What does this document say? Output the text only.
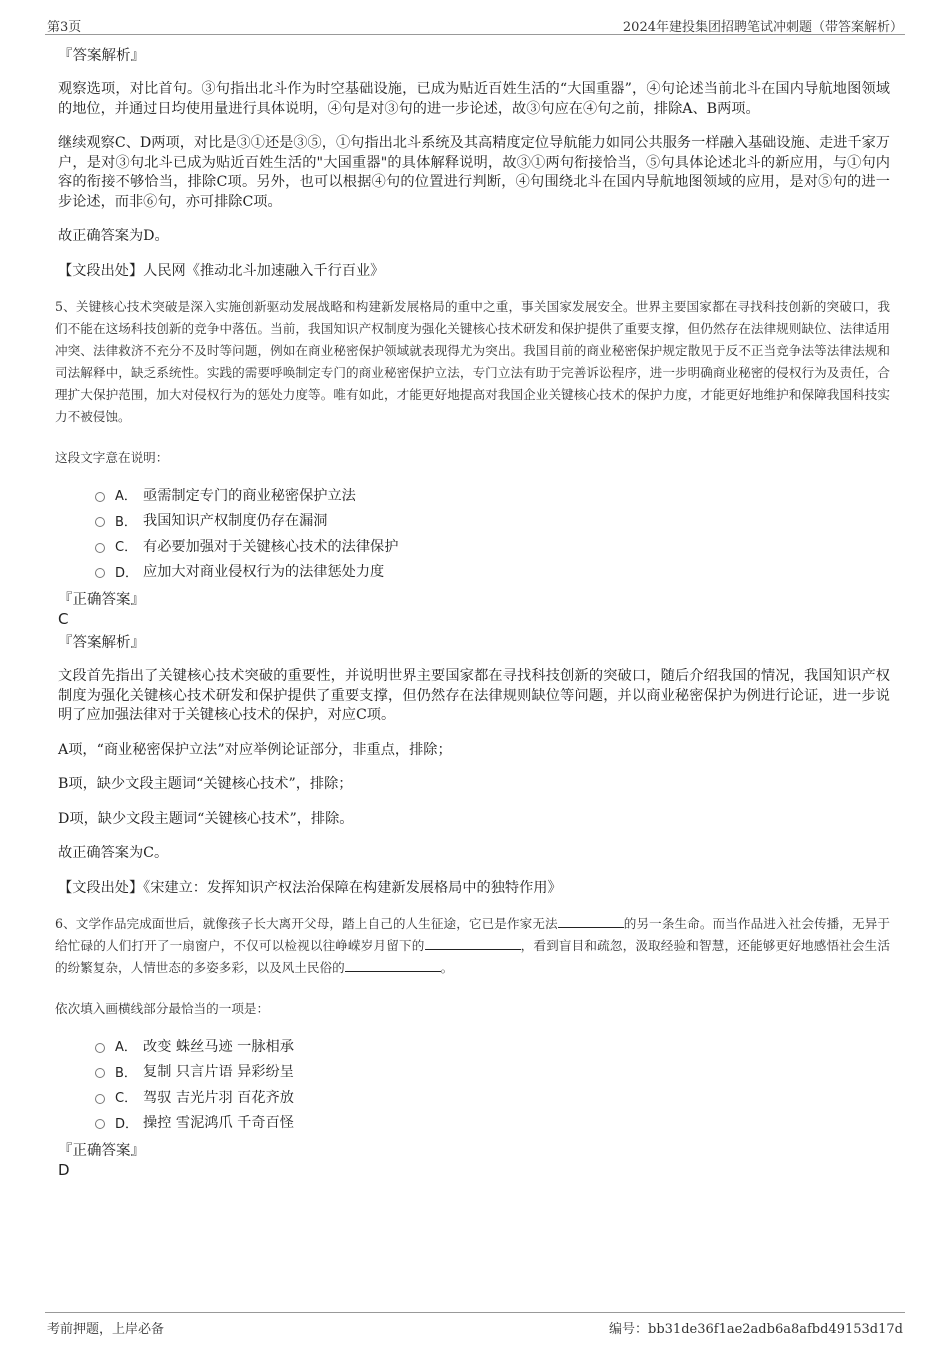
第3页	2024年建投集团招聘笔试冲刺题（带答案解析）
『答案解析』
观察选项，对比首句。③句指出北斗作为时空基础设施，已成为贴近百姓生活的“大国重器”，④句论述当前北斗在国内导航地图领域的地位，并通过日均使用量进行具体说明，④句是对③句的进一步论述，故③句应在④句之前，排除A、B两项。
继续观察C、D两项，对比是③①还是③⑤，①句指出北斗系统及其高精度定位导航能力如同公共服务一样融入基础设施、走进千家万户，是对③句北斗已成为贴近百姓生活的"大国重器"的具体解释说明，故③①两句衔接恰当，⑤句具体论述北斗的新应用，与①句内容的衔接不够恰当，排除C项。另外，也可以根据④句的位置进行判断，④句围绕北斗在国内导航地图领域的应用，是对⑤句的进一步论述，而非⑥句，亦可排除C项。
故正确答案为D。
【文段出处】人民网《推动北斗加速融入千行百业》
5、关键核心技术突破是深入实施创新驱动发展战略和构建新发展格局的重中之重，事关国家发展安全。世界主要国家都在寻找科技创新的突破口，我们不能在这场科技创新的竞争中落伍。当前，我国知识产权制度为强化关键核心技术研发和保护提供了重要支撑，但仍然存在法律规则缺位、法律适用冲突、法律救济不充分不及时等问题，例如在商业秘密保护领域就表现得尤为突出。我国目前的商业秘密保护规定散见于反不正当竞争法等法律法规和司法解释中，缺乏系统性。实践的需要呼唤制定专门的商业秘密保护立法，专门立法有助于完善诉讼程序，进一步明确商业秘密的侵权行为及责任，合理扩大保护范围，加大对侵权行为的惩处力度等。唯有如此，才能更好地提高对我国企业关键核心技术的保护力度，才能更好地维护和保障我国科技实力不被侵蚀。
这段文字意在说明：
A． 亟需制定专门的商业秘密保护立法
B． 我国知识产权制度仍存在漏洞
C． 有必要加强对于关键核心技术的法律保护
D． 应加大对商业侵权行为的法律惩处力度
『正确答案』
C
『答案解析』
文段首先指出了关键核心技术突破的重要性，并说明世界主要国家都在寻找科技创新的突破口，随后介绍我国的情况，我国知识产权制度为强化关键核心技术研发和保护提供了重要支撑，但仍然存在法律规则缺位等问题，并以商业秘密保护为例进行论证，进一步说明了应加强法律对于关键核心技术的保护，对应C项。
A项，“商业秘密保护立法”对应举例论证部分，非重点，排除；
B项，缺少文段主题词“关键核心技术”，排除；
D项，缺少文段主题词“关键核心技术”，排除。
故正确答案为C。
【文段出处】《宋建立：发挥知识产权法治保障在构建新发展格局中的独特作用》
6、文学作品完成面世后，就像孩子长大离开父母，踏上自己的人生征途，它已是作家无法	的另一条生命。而当作品进入社会传播，无异于给忙碌的人们打开了一扇窗户，不仅可以检视以往峥嵘岁月留下的	，看到盲目和疏忽，汲取经验和智慧，还能够更好地感悟社会生活的纷繁复杂，人情世态的多姿多彩，以及风土民俗的	。
依次填入画横线部分最恰当的一项是：
A． 改变 蛛丝马迹 一脉相承
B． 复制 只言片语 异彩纷呈
C． 驾驭 吉光片羽 百花齐放
D． 操控 雪泥鸿爪 千奇百怪
『正确答案』
D
考前押题，上岸必备	编号：bb31de36f1ae2adb6a8afbd49153d17d
